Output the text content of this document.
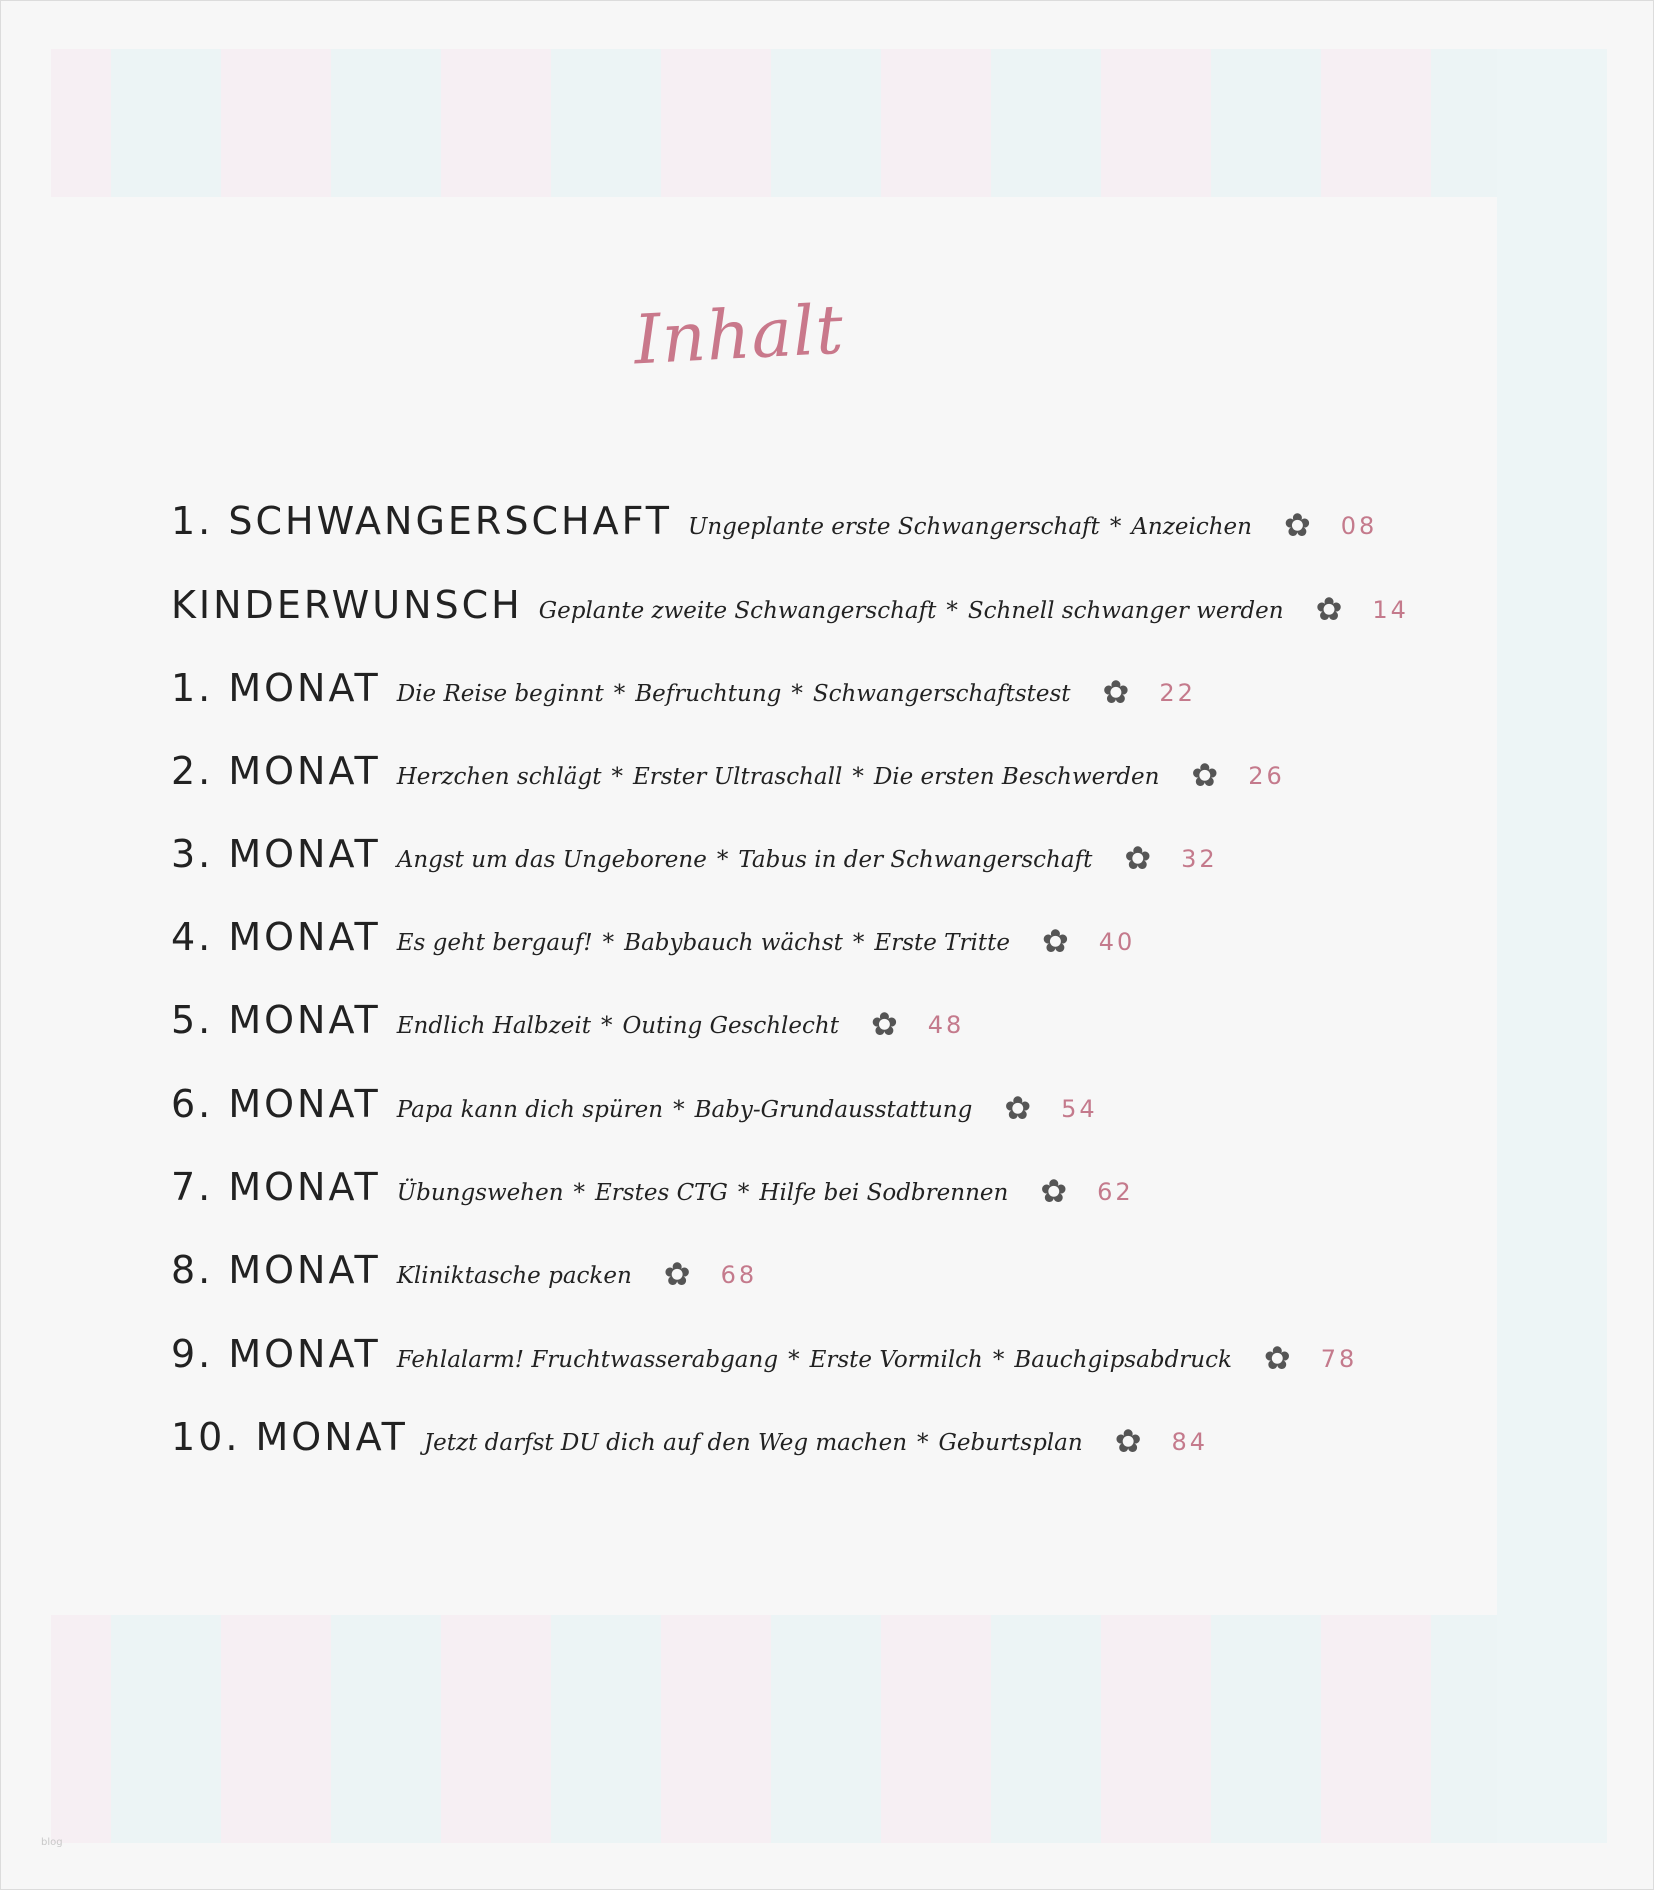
Inhalt
1. SCHWANGERSCHAFT Ungeplante erste Schwangerschaft * Anzeichen ✿ 08
KINDERWUNSCH Geplante zweite Schwangerschaft * Schnell schwanger werden ✿ 14
1. MONAT Die Reise beginnt * Befruchtung * Schwangerschaftstest ✿ 22
2. MONAT Herzchen schlägt * Erster Ultraschall * Die ersten Beschwerden ✿ 26
3. MONAT Angst um das Ungeborene * Tabus in der Schwangerschaft ✿ 32
4. MONAT Es geht bergauf! * Babybauch wächst * Erste Tritte ✿ 40
5. MONAT Endlich Halbzeit * Outing Geschlecht ✿ 48
6. MONAT Papa kann dich spüren * Baby-Grundausstattung ✿ 54
7. MONAT Übungswehen * Erstes CTG * Hilfe bei Sodbrennen ✿ 62
8. MONAT Kliniktasche packen ✿ 68
9. MONAT Fehlalarm! Fruchtwasserabgang * Erste Vormilch * Bauchgipsabdruck ✿ 78
10. MONAT Jetzt darfst DU dich auf den Weg machen * Geburtsplan ✿ 84
blog
